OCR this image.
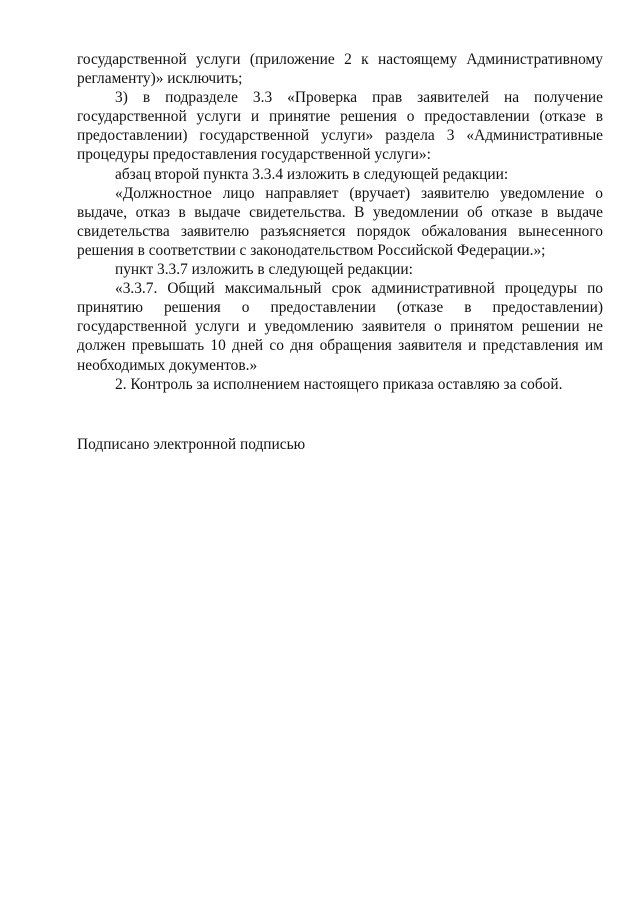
государственной услуги (приложение 2 к настоящему Административному регламенту)» исключить;

3) в подразделе 3.3 «Проверка прав заявителей на получение государственной услуги и принятие решения о предоставлении (отказе в предоставлении) государственной услуги» раздела 3 «Административные процедуры предоставления государственной услуги»:

абзац второй пункта 3.3.4 изложить в следующей редакции:

«Должностное лицо направляет (вручает) заявителю уведомление о выдаче, отказ в выдаче свидетельства. В уведомлении об отказе в выдаче свидетельства заявителю разъясняется порядок обжалования вынесенного решения в соответствии с законодательством Российской Федерации.»;

пункт 3.3.7 изложить в следующей редакции:

«3.3.7. Общий максимальный срок административной процедуры по принятию решения о предоставлении (отказе в предоставлении) государственной услуги и уведомлению заявителя о принятом решении не должен превышать 10 дней со дня обращения заявителя и представления им необходимых документов.»

2. Контроль за исполнением настоящего приказа оставляю за собой.

Подписано электронной подписью
